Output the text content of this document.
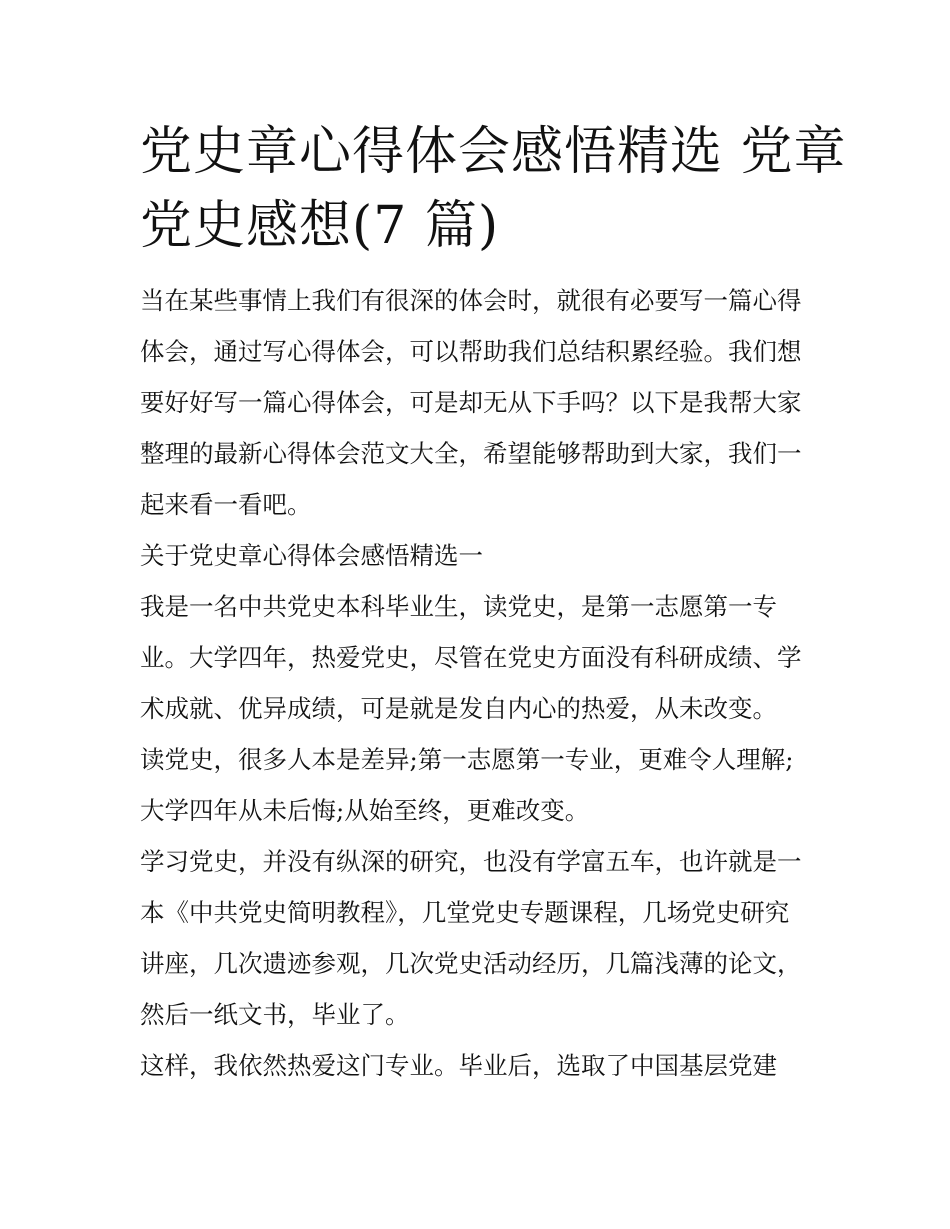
党史章心得体会感悟精选 党章
党史感想(7 篇)
当在某些事情上我们有很深的体会时，就很有必要写一篇心得
体会，通过写心得体会，可以帮助我们总结积累经验。我们想
要好好写一篇心得体会，可是却无从下手吗？以下是我帮大家
整理的最新心得体会范文大全，希望能够帮助到大家，我们一
起来看一看吧。
关于党史章心得体会感悟精选一
我是一名中共党史本科毕业生，读党史，是第一志愿第一专
业。大学四年，热爱党史，尽管在党史方面没有科研成绩、学
术成就、优异成绩，可是就是发自内心的热爱，从未改变。
读党史，很多人本是差异;第一志愿第一专业，更难令人理解;
大学四年从未后悔;从始至终，更难改变。
学习党史，并没有纵深的研究，也没有学富五车，也许就是一
本《中共党史简明教程》，几堂党史专题课程，几场党史研究
讲座，几次遗迹参观，几次党史活动经历，几篇浅薄的论文，
然后一纸文书，毕业了。
这样，我依然热爱这门专业。毕业后，选取了中国基层党建
